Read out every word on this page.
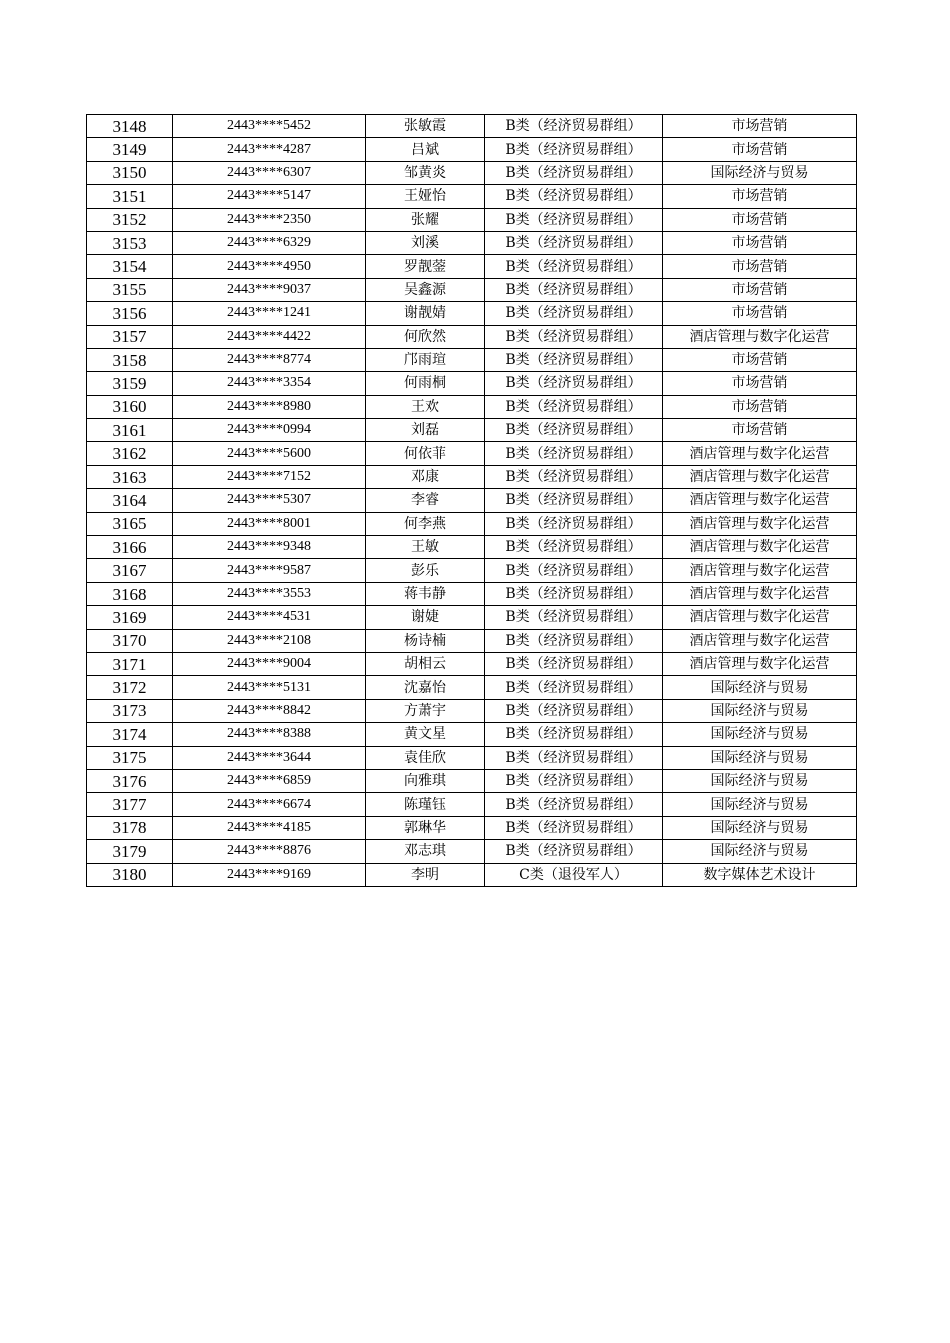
3148	2443****5452	张敏霞	B类（经济贸易群组）	市场营销
3149	2443****4287	吕斌	B类（经济贸易群组）	市场营销
3150	2443****6307	邹黄炎	B类（经济贸易群组）	国际经济与贸易
3151	2443****5147	王娅怡	B类（经济贸易群组）	市场营销
3152	2443****2350	张耀	B类（经济贸易群组）	市场营销
3153	2443****6329	刘溪	B类（经济贸易群组）	市场营销
3154	2443****4950	罗靓蓥	B类（经济贸易群组）	市场营销
3155	2443****9037	吴鑫源	B类（经济贸易群组）	市场营销
3156	2443****1241	谢靓婧	B类（经济贸易群组）	市场营销
3157	2443****4422	何欣然	B类（经济贸易群组）	酒店管理与数字化运营
3158	2443****8774	邝雨瑄	B类（经济贸易群组）	市场营销
3159	2443****3354	何雨桐	B类（经济贸易群组）	市场营销
3160	2443****8980	王欢	B类（经济贸易群组）	市场营销
3161	2443****0994	刘磊	B类（经济贸易群组）	市场营销
3162	2443****5600	何依菲	B类（经济贸易群组）	酒店管理与数字化运营
3163	2443****7152	邓康	B类（经济贸易群组）	酒店管理与数字化运营
3164	2443****5307	李睿	B类（经济贸易群组）	酒店管理与数字化运营
3165	2443****8001	何李燕	B类（经济贸易群组）	酒店管理与数字化运营
3166	2443****9348	王敏	B类（经济贸易群组）	酒店管理与数字化运营
3167	2443****9587	彭乐	B类（经济贸易群组）	酒店管理与数字化运营
3168	2443****3553	蒋韦静	B类（经济贸易群组）	酒店管理与数字化运营
3169	2443****4531	谢婕	B类（经济贸易群组）	酒店管理与数字化运营
3170	2443****2108	杨诗楠	B类（经济贸易群组）	酒店管理与数字化运营
3171	2443****9004	胡相云	B类（经济贸易群组）	酒店管理与数字化运营
3172	2443****5131	沈嘉怡	B类（经济贸易群组）	国际经济与贸易
3173	2443****8842	方萧宇	B类（经济贸易群组）	国际经济与贸易
3174	2443****8388	黄文星	B类（经济贸易群组）	国际经济与贸易
3175	2443****3644	袁佳欣	B类（经济贸易群组）	国际经济与贸易
3176	2443****6859	向雅琪	B类（经济贸易群组）	国际经济与贸易
3177	2443****6674	陈瑾钰	B类（经济贸易群组）	国际经济与贸易
3178	2443****4185	郭琳华	B类（经济贸易群组）	国际经济与贸易
3179	2443****8876	邓志琪	B类（经济贸易群组）	国际经济与贸易
3180	2443****9169	李明	C类（退役军人）	数字媒体艺术设计
